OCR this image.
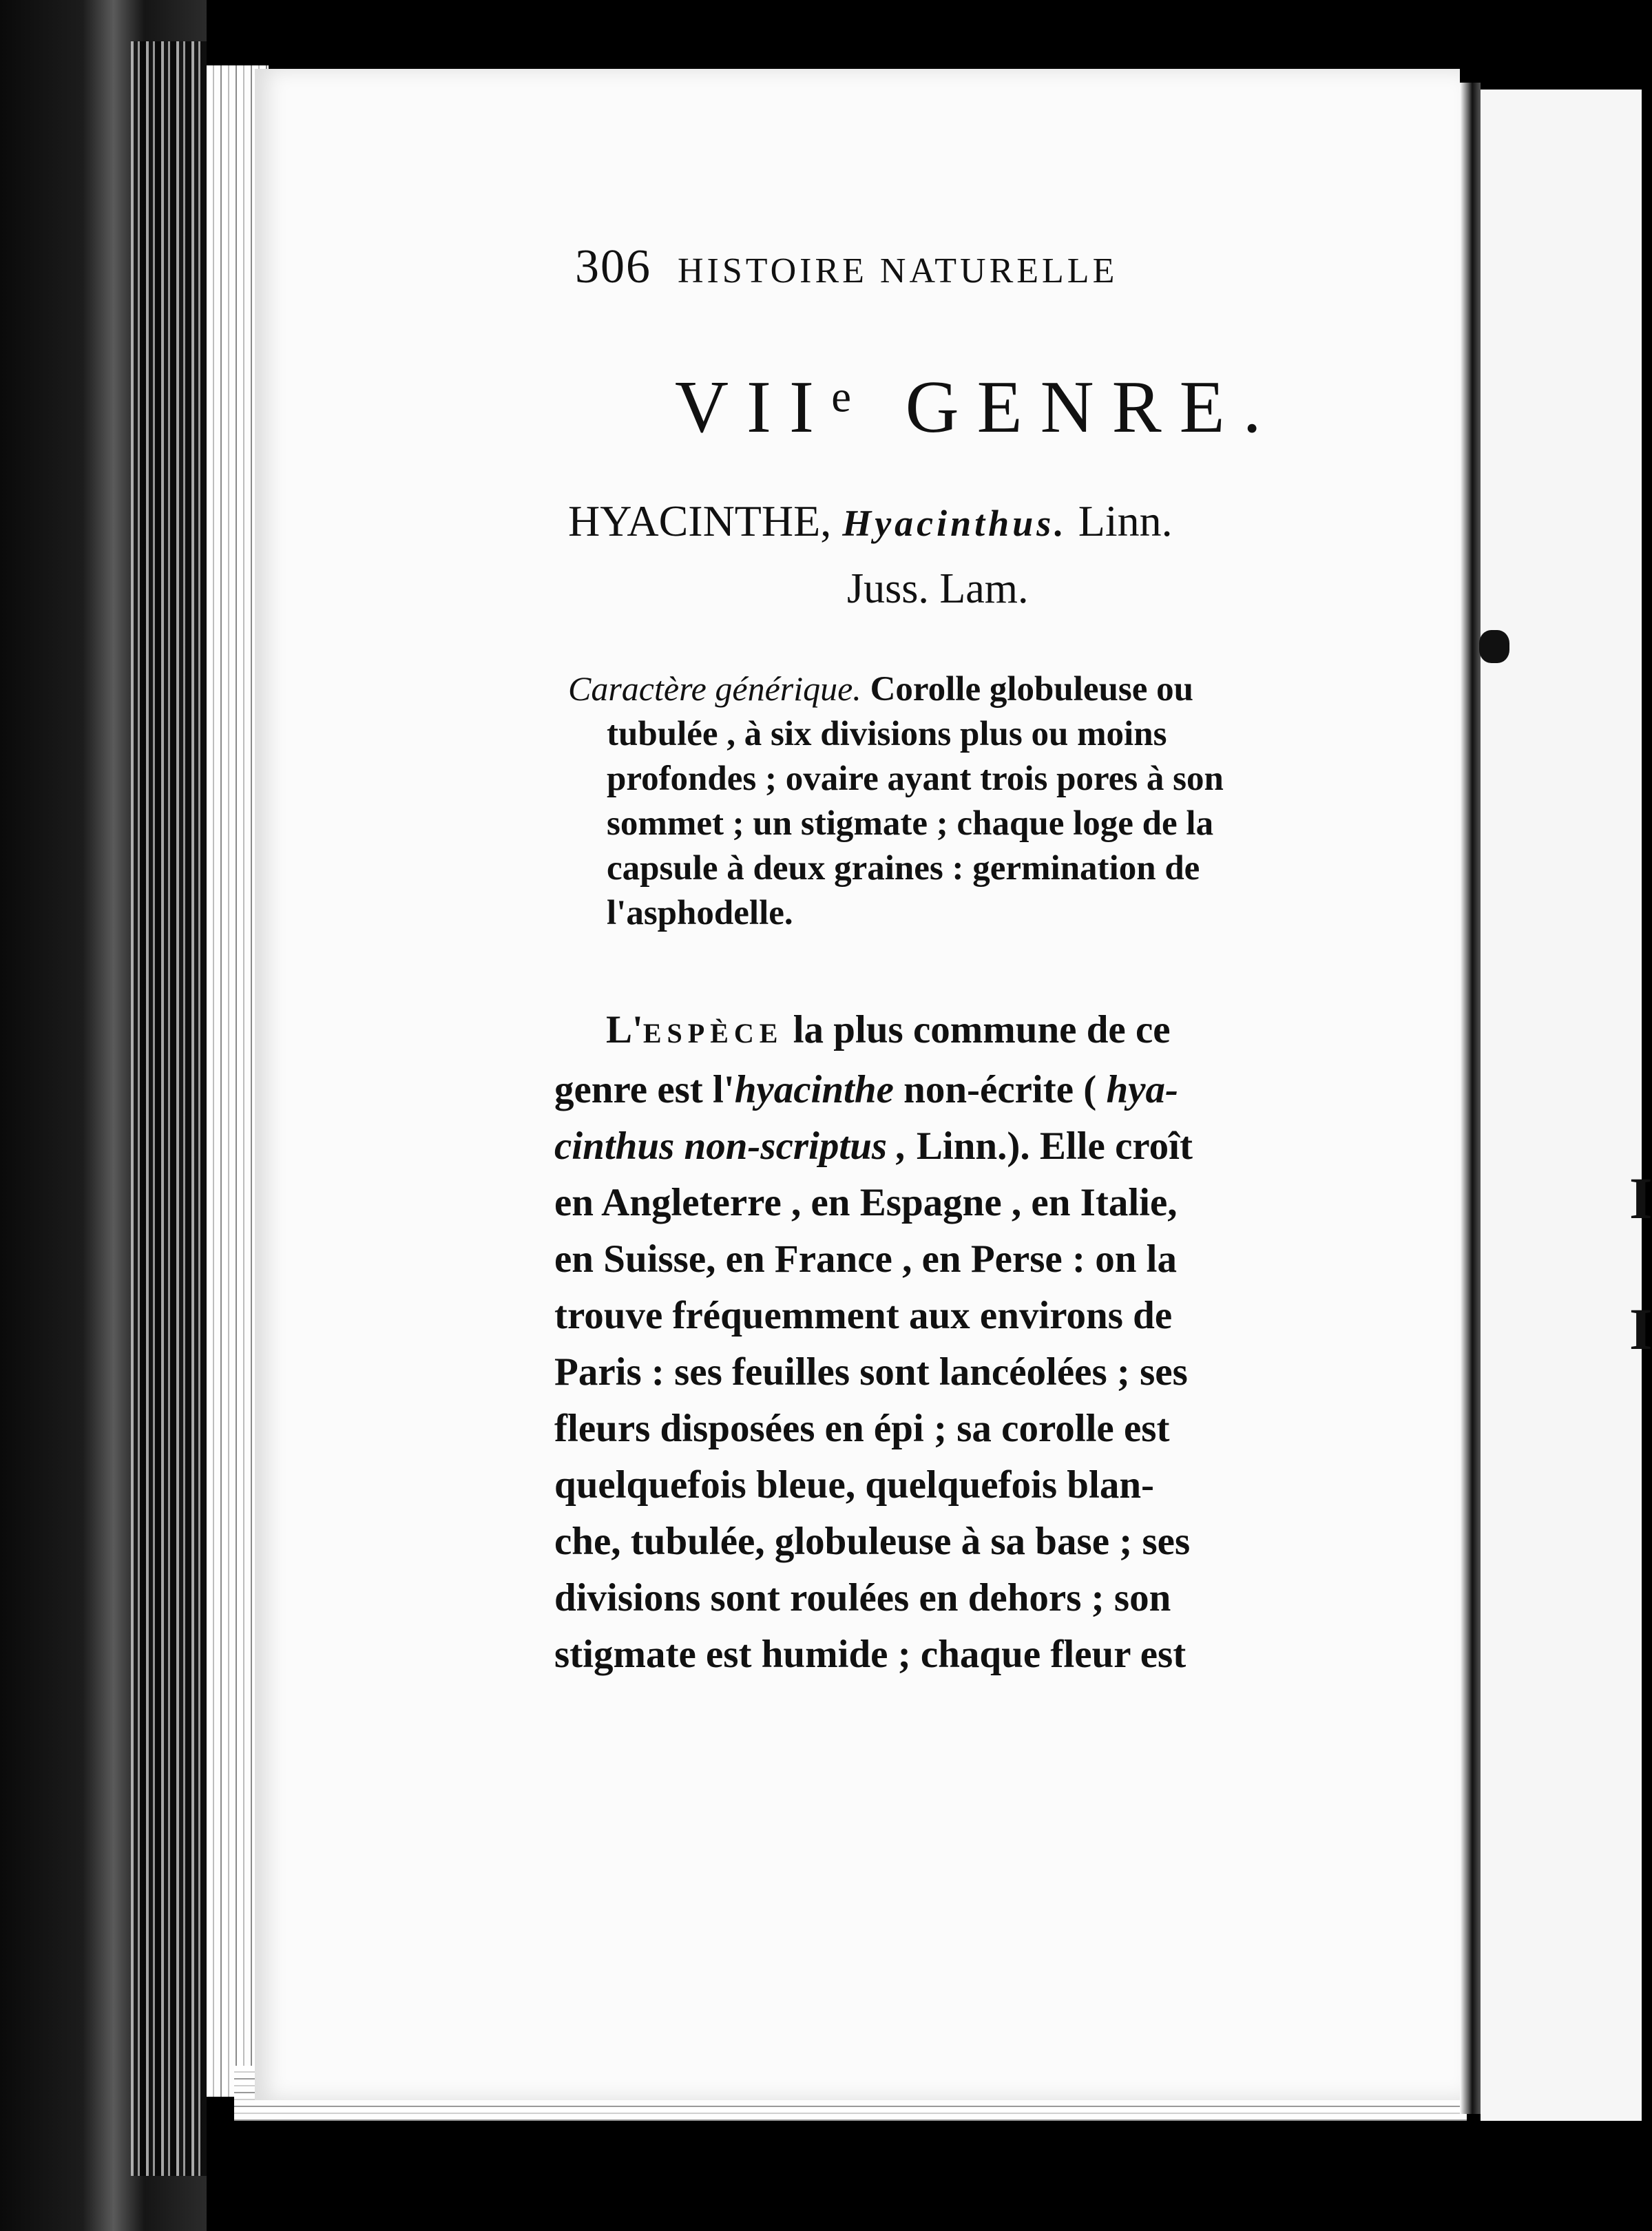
I
I
306 HISTOIRE NATURELLE
VIIᵉ GENRE.
HYACINTHE, Hyacinthus. Linn.
Juss. Lam.
Caractère générique. Corolle globuleuse ou
tubulée , à six divisions plus ou moins
profondes ; ovaire ayant trois pores à son
sommet ; un stigmate ; chaque loge de la
capsule à deux graines : germination de
l'asphodelle.
L'ESPÈCE la plus commune de ce
genre est l'hyacinthe non-écrite ( hya-
cinthus non-scriptus , Linn.). Elle croît
en Angleterre , en Espagne , en Italie,
en Suisse, en France , en Perse : on la
trouve fréquemment aux environs de
Paris : ses feuilles sont lancéolées ; ses
fleurs disposées en épi ; sa corolle est
quelquefois bleue, quelquefois blan-
che, tubulée, globuleuse à sa base ; ses
divisions sont roulées en dehors ; son
stigmate est humide ; chaque fleur est
